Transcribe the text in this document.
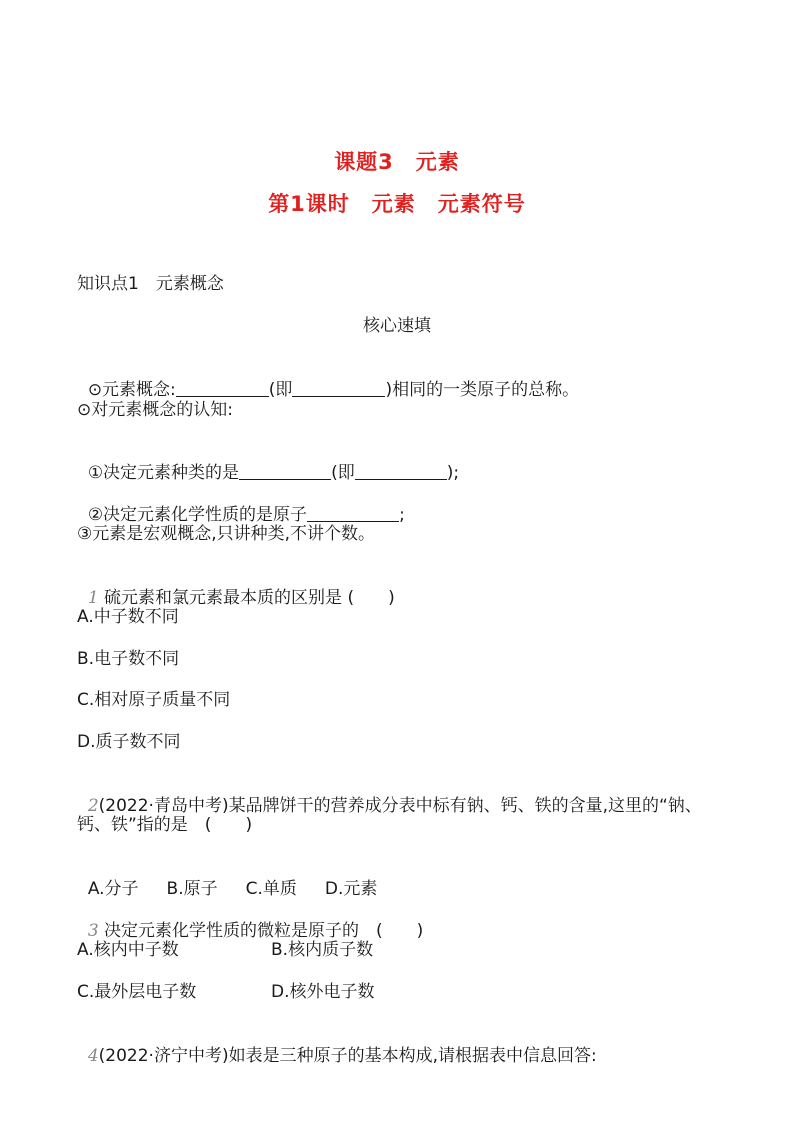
课题3　元素
第1课时　元素　元素符号
知识点1　元素概念
核心速填

⊙元素概念:	(即	)相同的一类原子的总称。

⊙对元素概念的认知:

①决定元素种类的是	(即	);

②决定元素化学性质的是原子	;

③元素是宏观概念,只讲种类,不讲个数。

1 硫元素和氯元素最本质的区别是 (　　)

A.中子数不同
B.电子数不同
C.相对原子质量不同
D.质子数不同

2(2022·青岛中考)某品牌饼干的营养成分表中标有钠、钙、铁的含量,这里的“钠、

钙、铁”指的是　(　　)

A.分子 B.原子 C.单质 D.元素

3 决定元素化学性质的微粒是原子的　(　　)

A.核内中子数	B.核内质子数
C.最外层电子数	D.核外电子数

4(2022·济宁中考)如表是三种原子的基本构成,请根据表中信息回答:
